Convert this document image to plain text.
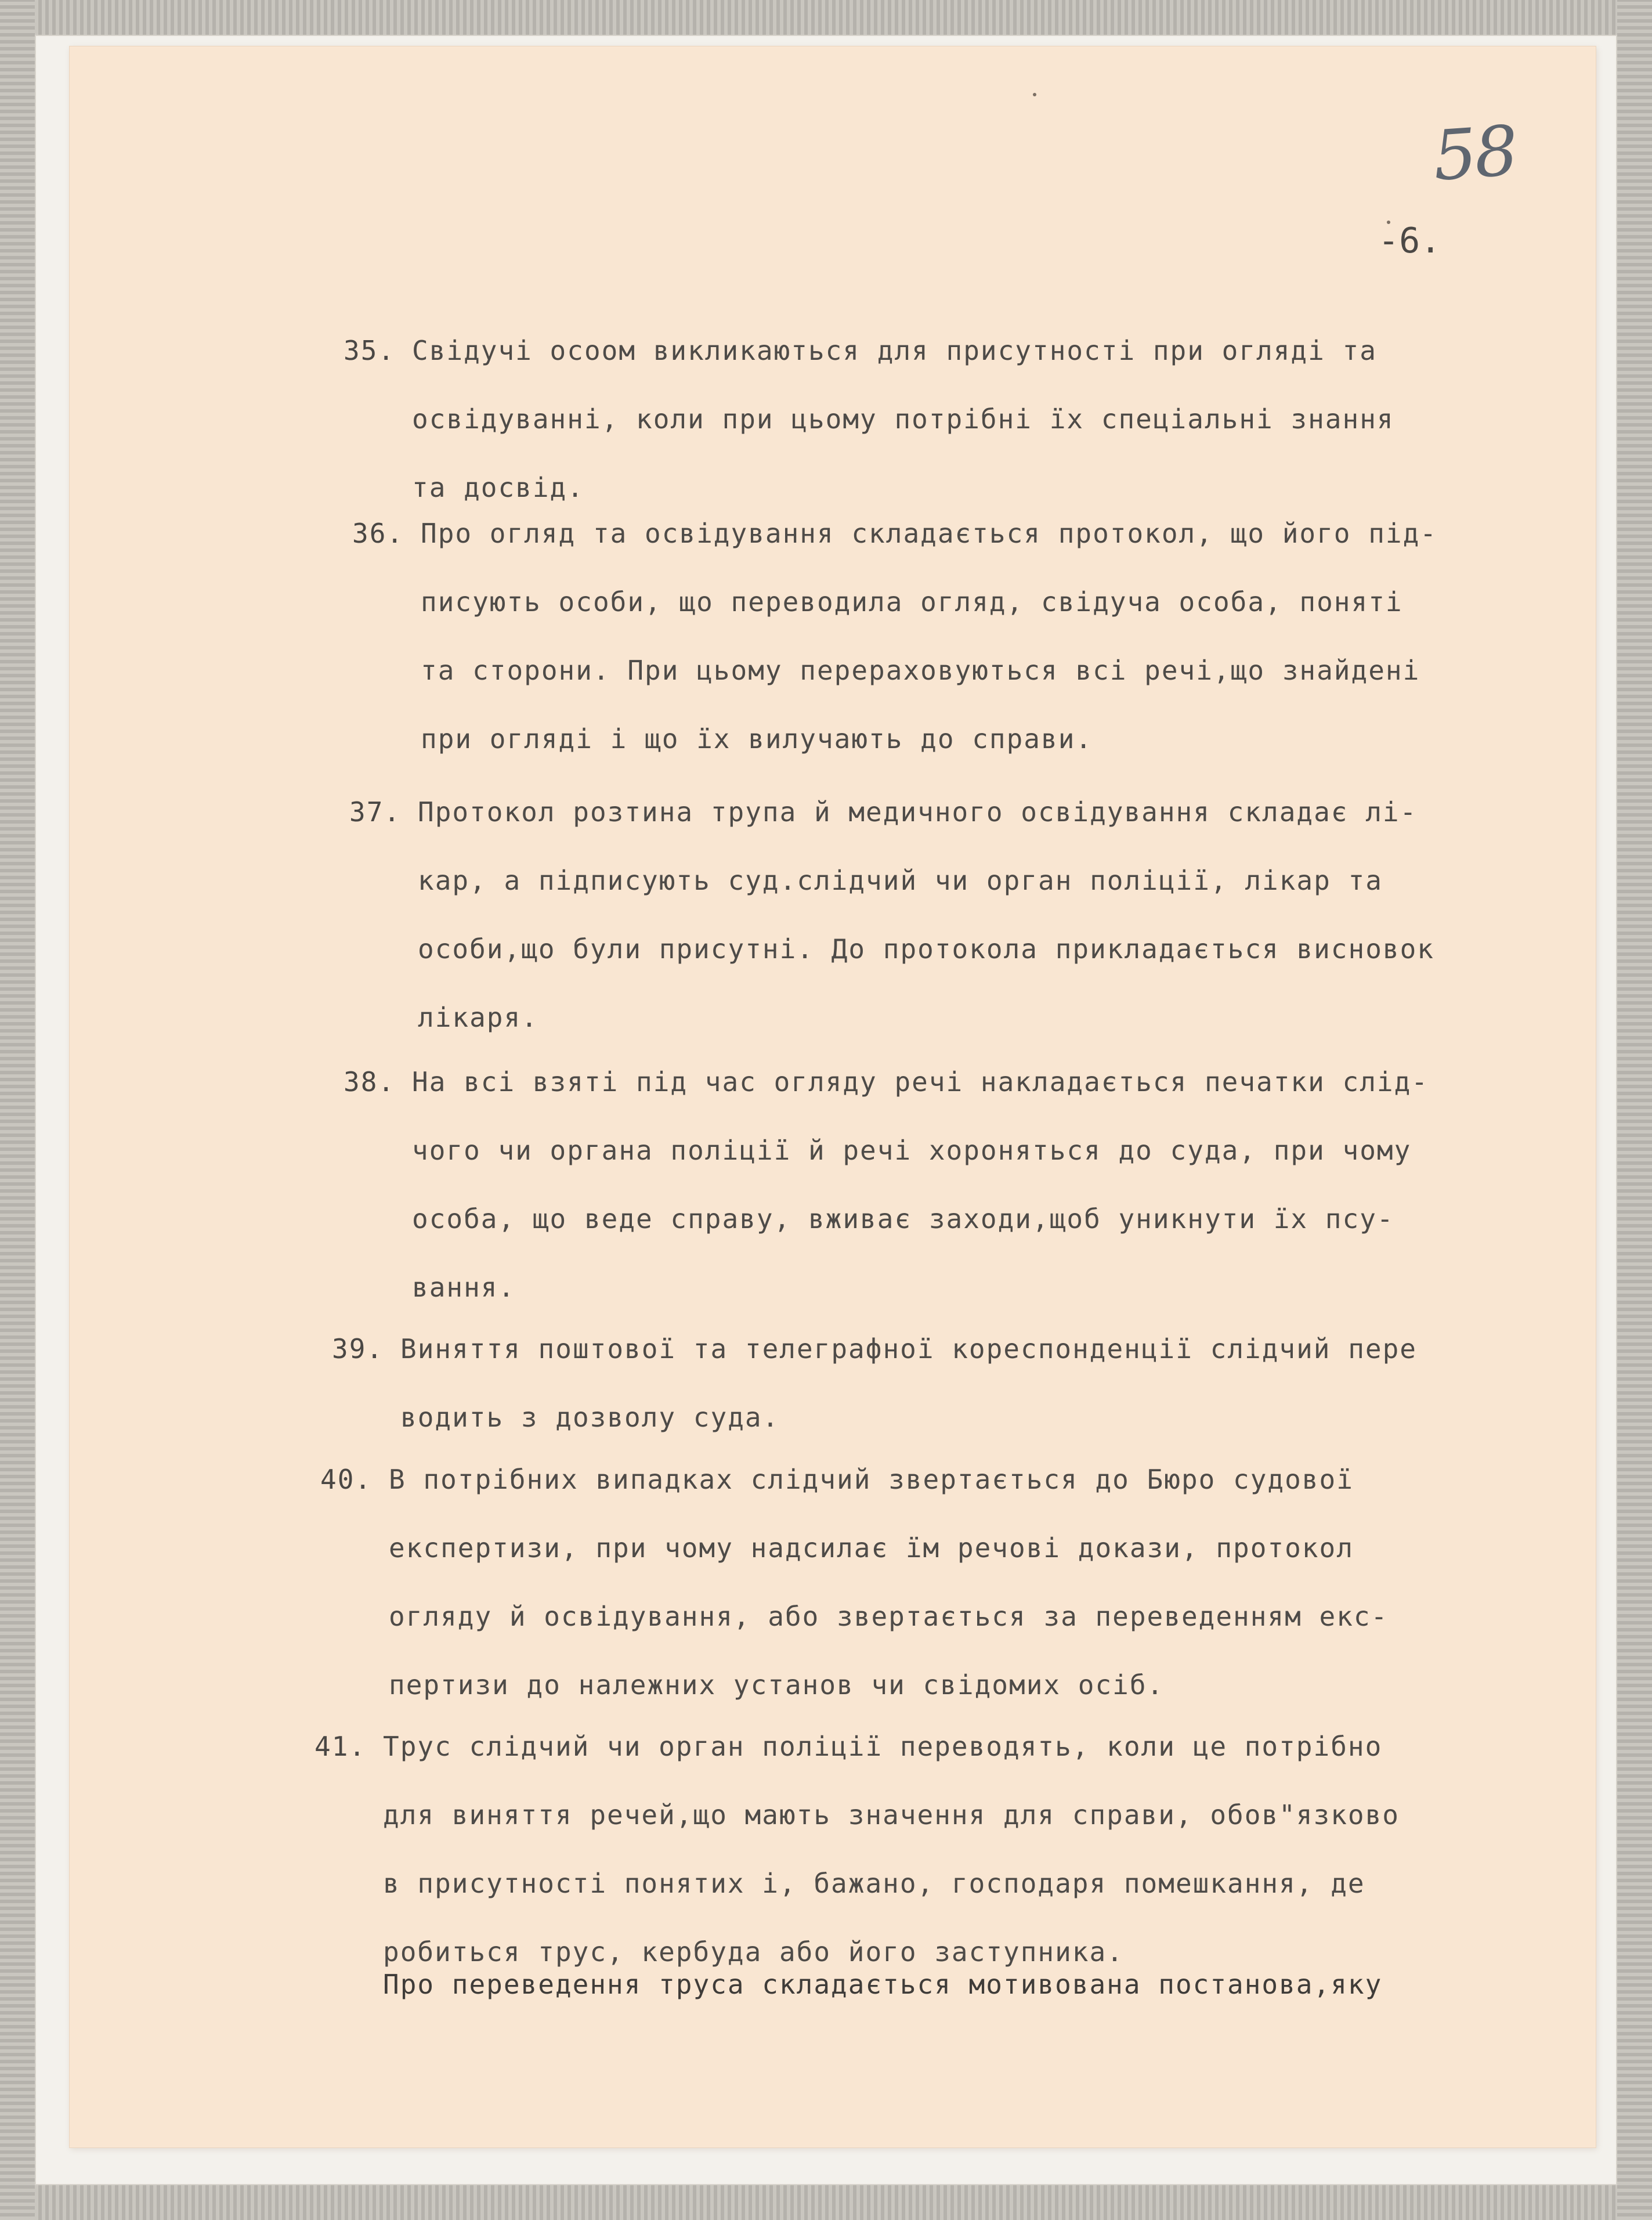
58
-6.
35. Свідучі осоом викликаються для присутності при огляді та
освідуванні, коли при цьому потрібні їх спеціальні знання
та досвід.
36. Про огляд та освідування складається протокол, що його під-
писують особи, що переводила огляд, свідуча особа, поняті
та сторони. При цьому перераховуються всі речі,що знайдені
при огляді і що їх вилучають до справи.
37. Протокол розтина трупа й медичного освідування складає лі-
кар, а підписують суд.слідчий чи орган поліції, лікар та
особи,що були присутні. До протокола прикладається висновок
лікаря.
38. На всі взяті під час огляду речі накладається печатки слід-
чого чи органа поліції й речі хороняться до суда, при чому
особа, що веде справу, вживає заходи,щоб уникнути їх псу-
вання.
39. Виняття поштової та телеграфної кореспонденції слідчий пере
водить з дозволу суда.
40. В потрібних випадках слідчий звертається до Бюро судової
експертизи, при чому надсилає їм речові докази, протокол
огляду й освідування, або звертається за переведенням екс-
пертизи до належних установ чи свідомих осіб.
41. Трус слідчий чи орган поліції переводять, коли це потрібно
для виняття речей,що мають значення для справи, обов"язково
в присутності понятих і, бажано, господаря помешкання, де
робиться трус, кербуда або його заступника.
Про переведення труса складається мотивована постанова,яку
